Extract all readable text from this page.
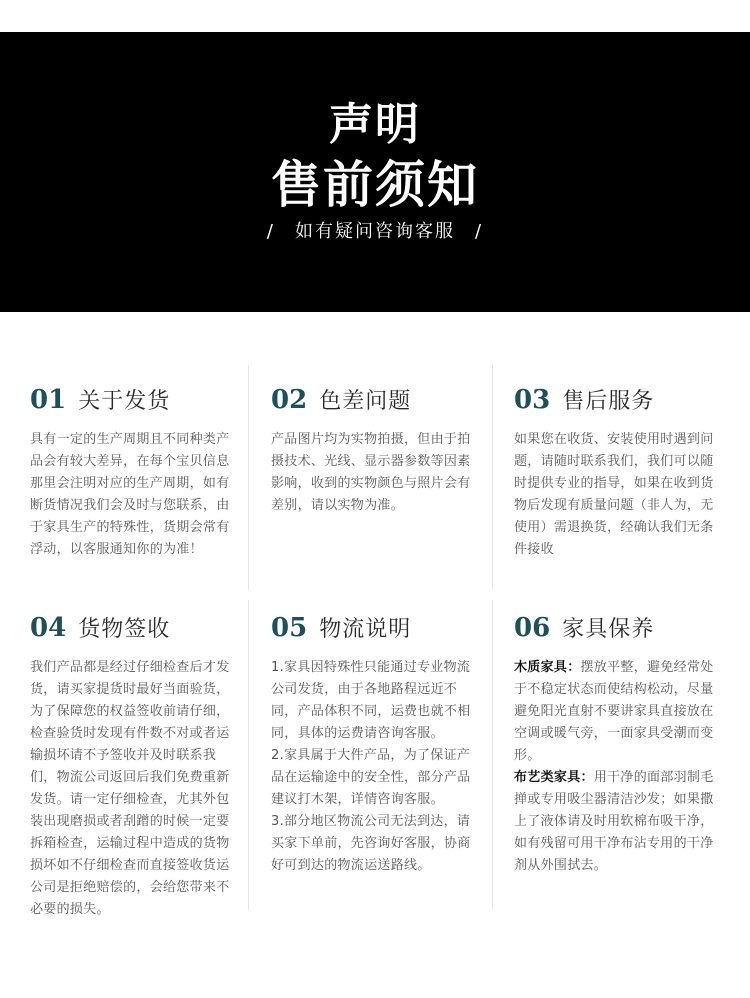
声明
售前须知
/ 如有疑问咨询客服 /
01 关于发货

具有一定的生产周期且不同种类产品会有较大差异，在每个宝贝信息那里会注明对应的生产周期，如有断货情况我们会及时与您联系，由于家具生产的特殊性，货期会常有浮动，以客服通知你的为准！

02 色差问题

产品图片均为实物拍摄，但由于拍摄技术、光线、显示器参数等因素影响，收到的实物颜色与照片会有差别，请以实物为准。

03 售后服务

如果您在收货、安装使用时遇到问题，请随时联系我们，我们可以随时提供专业的指导，如果在收到货物后发现有质量问题（非人为，无使用）需退换货，经确认我们无条件接收

04 货物签收

我们产品都是经过仔细检查后才发货，请买家提货时最好当面验货，为了保障您的权益签收前请仔细，检查验货时发现有件数不对或者运输损坏请不予签收并及时联系我们，物流公司返回后我们免费重新发货。请一定仔细检查，尤其外包装出现磨损或者刮蹭的时候一定要拆箱检查，运输过程中造成的货物损坏如不仔细检查而直接签收货运公司是拒绝赔偿的，会给您带来不必要的损失。

05 物流说明

1.家具因特殊性只能通过专业物流公司发货，由于各地路程远近不同，产品体积不同，运费也就不相同，具体的运费请咨询客服。

2.家具属于大件产品，为了保证产品在运输途中的安全性，部分产品建议打木架，详情咨询客服。

3.部分地区物流公司无法到达，请买家下单前，先咨询好客服，协商好可到达的物流运送路线。

06 家具保养

木质家具：摆放平整，避免经常处于不稳定状态而使结构松动，尽量避免阳光直射不要讲家具直接放在空调或暖气旁，一面家具受潮而变形。

布艺类家具：用干净的面部羽制毛掸或专用吸尘器清洁沙发；如果撒上了液体请及时用软棉布吸干净，如有残留可用干净布沾专用的干净剂从外围拭去。
